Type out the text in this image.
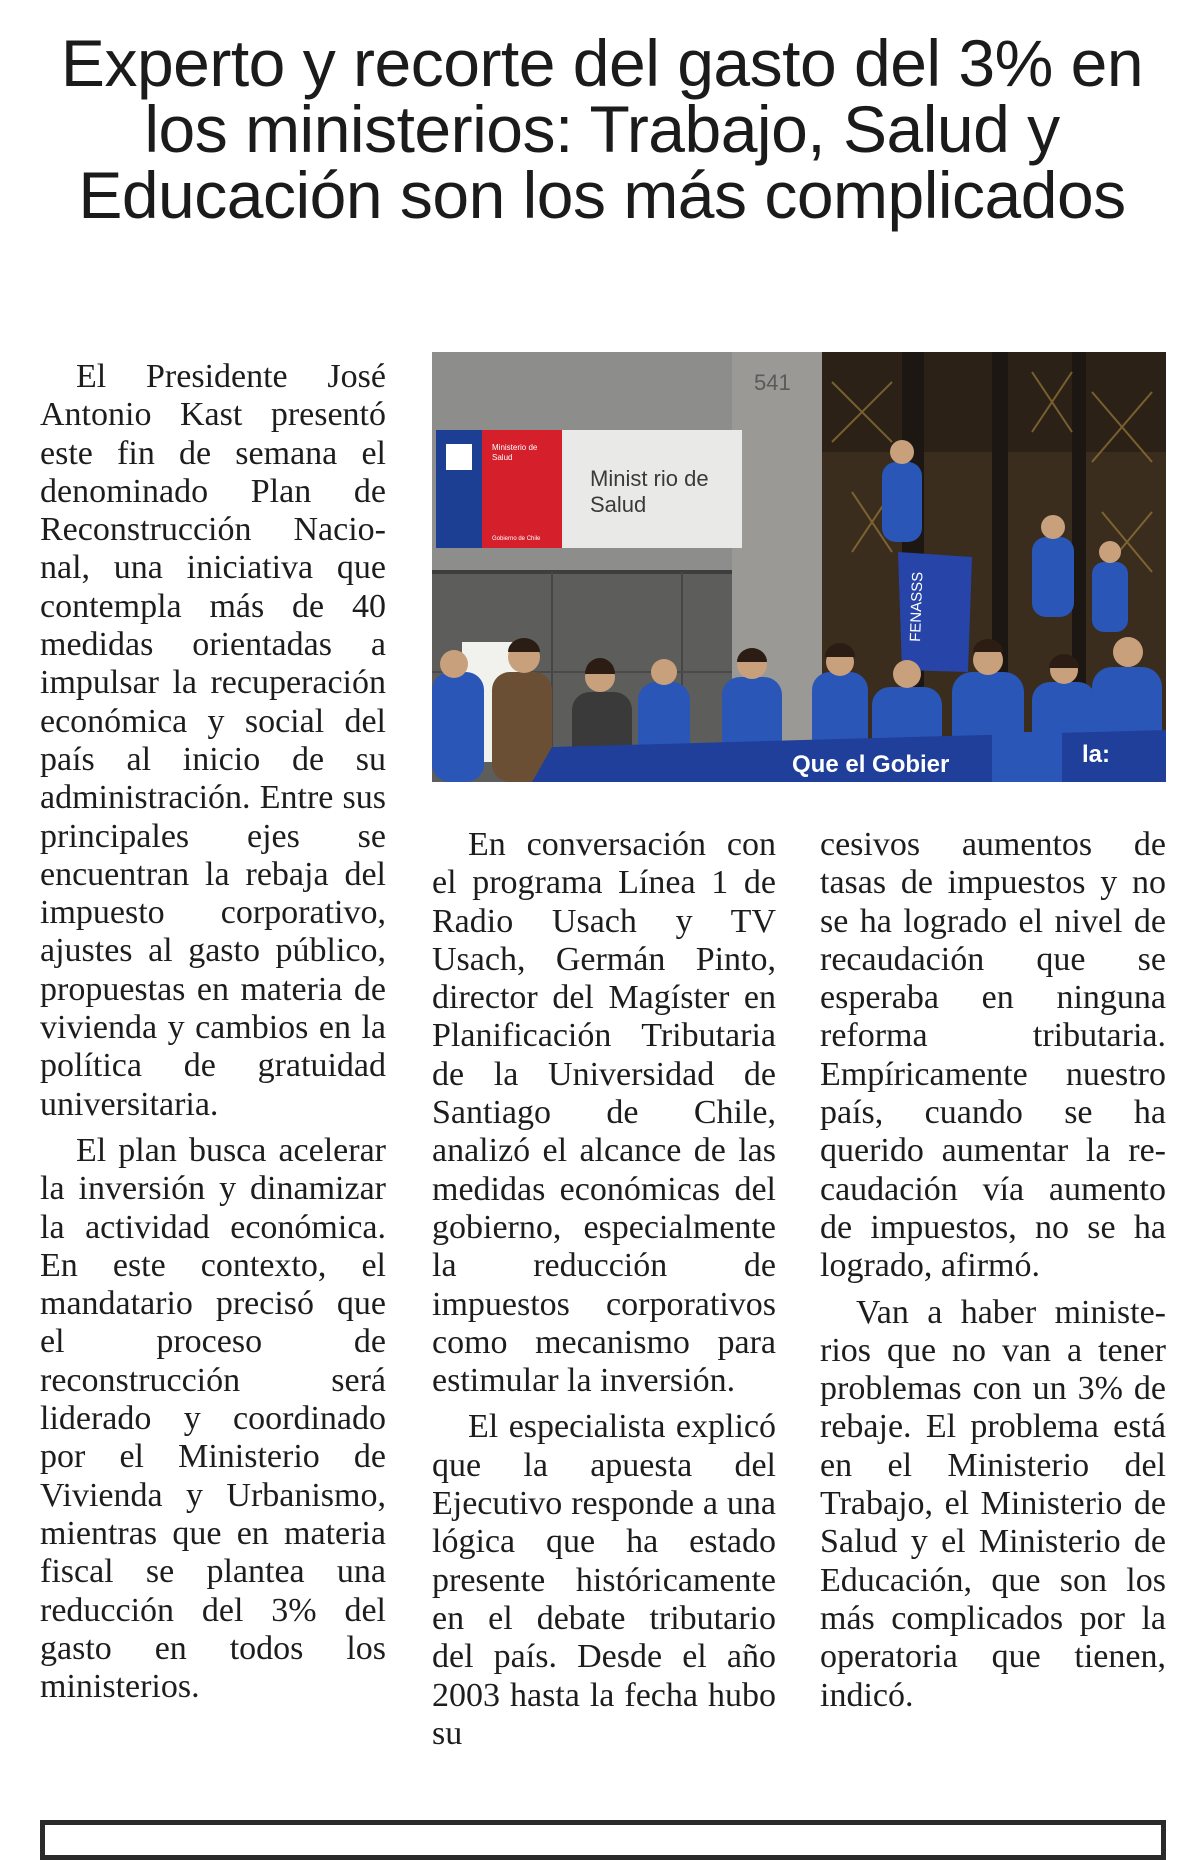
Experto y recorte del gasto del 3% en los ministerios: Trabajo, Salud y Educación son los más complicados

El Presidente José Antonio Kast presentó este fin de semana el denominado Plan de Reconstrucción Nacional, una iniciativa que contempla más de 40 medidas orientadas a impulsar la recuperación económica y social del país al inicio de su administración. Entre sus principales ejes se encuentran la rebaja del impuesto corporativo, ajustes al gasto público, propuestas en materia de vivienda y cambios en la política de gratuidad universitaria.

El plan busca acelerar la inversión y dinamizar la actividad económica. En este contexto, el mandatario precisó que el proceso de reconstrucción será liderado y coordinado por el Ministerio de Vivienda y Urbanismo, mientras que en materia fiscal se plantea una reducción del 3% del gasto en todos los ministerios.

541
Ministerio de
Salud
Gobierno de Chile
Minist rio de
Salud
FENASSS
Que el Gobier	la:

En conversación con el programa Línea 1 de Radio Usach y TV Usach, Germán Pinto, director del Magíster en Planificación Tributaria de la Universidad de Santiago de Chile, analizó el alcance de las medidas económicas del gobierno, especialmente la reducción de impuestos corporativos como mecanismo para estimular la inversión.

El especialista explicó que la apuesta del Ejecutivo responde a una lógica que ha estado presente históricamente en el debate tributario del país. Desde el año 2003 hasta la fecha hubo su

cesivos aumentos de tasas de impuestos y no se ha logrado el nivel de recaudación que se esperaba en ninguna reforma tributaria. Empíricamente nuestro país, cuando se ha querido aumentar la recaudación vía aumento de impuestos, no se ha logrado, afirmó.

Van a haber ministerios que no van a tener problemas con un 3% de rebaje. El problema está en el Ministerio del Trabajo, el Ministerio de Salud y el Ministerio de Educación, que son los más complicados por la operatoria que tienen, indicó.
